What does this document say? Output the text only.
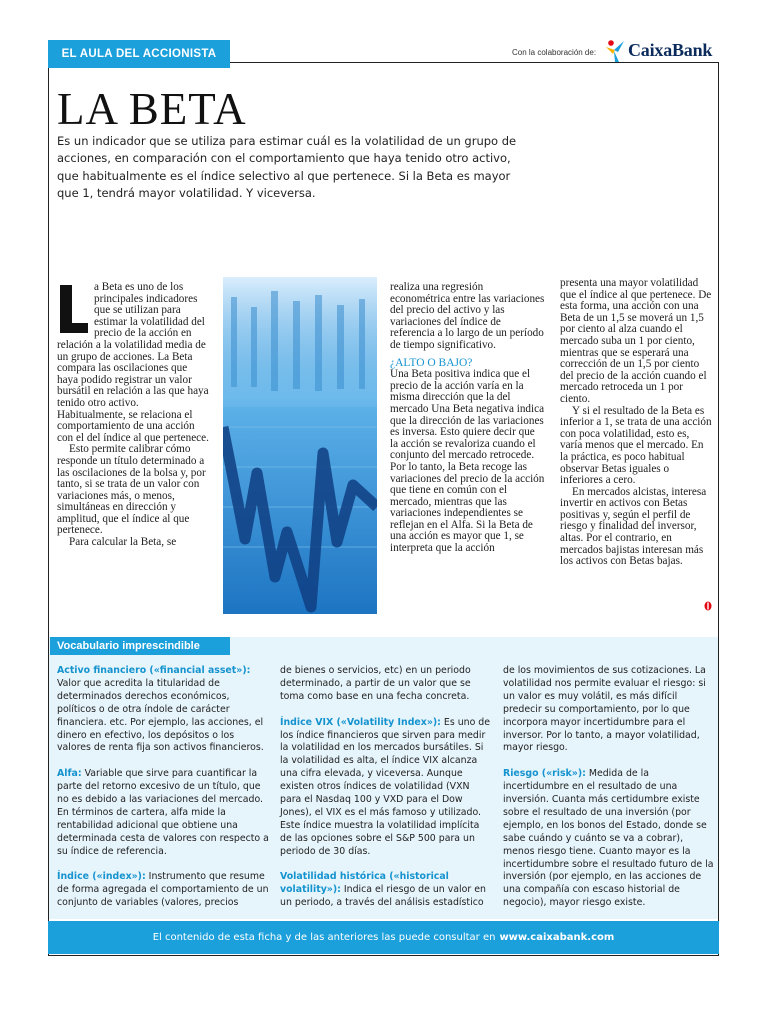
EL AULA DEL ACCIONISTA	Con la colaboración de: CaixaBank
LA BETA
Es un indicador que se utiliza para estimar cuál es la volatilidad de un grupo de acciones, en comparación con el comportamiento que haya tenido otro activo, que habitualmente es el índice selectivo al que pertenece. Si la Beta es mayor que 1, tendrá mayor volatilidad. Y viceversa.

a Beta es uno de los principales indicadores que se utilizan para estimar la volatilidad del precio de la acción en relación a la volatilidad media de un grupo de acciones. La Beta compara las oscilaciones que haya podido registrar un valor bursátil en relación a las que haya tenido otro activo. Habitualmente, se relaciona el comportamiento de una acción con el del índice al que pertenece.

Esto permite calibrar cómo responde un título determinado a las oscilaciones de la bolsa y, por tanto, si se trata de un valor con variaciones más, o menos, simultáneas en dirección y amplitud, que el índice al que pertenece.

Para calcular la Beta, se

realiza una regresión econométrica entre las variaciones del precio del activo y las variaciones del índice de referencia a lo largo de un período de tiempo significativo.

¿ALTO O BAJO?

Una Beta positiva indica que el precio de la acción varía en la misma dirección que la del mercado Una Beta negativa indica que la dirección de las variaciones es inversa. Esto quiere decir que la acción se revaloriza cuando el conjunto del mercado retrocede. Por lo tanto, la Beta recoge las variaciones del precio de la acción que tiene en común con el mercado, mientras que las variaciones independientes se reflejan en el Alfa. Si la Beta de una acción es mayor que 1, se interpreta que la acción

presenta una mayor volatilidad que el índice al que pertenece. De esta forma, una acción con una Beta de un 1,5 se moverá un 1,5 por ciento al alza cuando el mercado suba un 1 por ciento, mientras que se esperará una corrección de un 1,5 por ciento del precio de la acción cuando el mercado retroceda un 1 por ciento.

Y si el resultado de la Beta es inferior a 1, se trata de una acción con poca volatilidad, esto es, varía menos que el mercado. En la práctica, es poco habitual observar Betas iguales o inferiores a cero.

En mercados alcistas, interesa invertir en activos con Betas positivas y, según el perfil de riesgo y finalidad del inversor, altas. Por el contrario, en mercados bajistas interesan más los activos con Betas bajas.

Vocabulario imprescindible

Activo financiero («financial asset»): Valor que acredita la titularidad de determinados derechos económicos, políticos o de otra índole de carácter financiera. etc. Por ejemplo, las acciones, el dinero en efectivo, los depósitos o los valores de renta fija son activos financieros.

Alfa: Variable que sirve para cuantificar la parte del retorno excesivo de un título, que no es debido a las variaciones del mercado. En términos de cartera, alfa mide la rentabilidad adicional que obtiene una determinada cesta de valores con respecto a su índice de referencia.

Índice («index»): Instrumento que resume de forma agregada el comportamiento de un conjunto de variables (valores, precios

de bienes o servicios, etc) en un periodo determinado, a partir de un valor que se toma como base en una fecha concreta.

Índice VIX («Volatility Index»): Es uno de los índice financieros que sirven para medir la volatilidad en los mercados bursátiles. Si la volatilidad es alta, el índice VIX alcanza una cifra elevada, y viceversa. Aunque existen otros índices de volatilidad (VXN para el Nasdaq 100 y VXD para el Dow Jones), el VIX es el más famoso y utilizado. Este índice muestra la volatilidad implícita de las opciones sobre el S&P 500 para un periodo de 30 días.

Volatilidad histórica («historical volatility»): Indica el riesgo de un valor en un periodo, a través del análisis estadístico

de los movimientos de sus cotizaciones. La volatilidad nos permite evaluar el riesgo: si un valor es muy volátil, es más difícil predecir su comportamiento, por lo que incorpora mayor incertidumbre para el inversor. Por lo tanto, a mayor volatilidad, mayor riesgo.

Riesgo («risk»): Medida de la incertidumbre en el resultado de una inversión. Cuanta más certidumbre existe sobre el resultado de una inversión (por ejemplo, en los bonos del Estado, donde se sabe cuándo y cuánto se va a cobrar), menos riesgo tiene. Cuanto mayor es la incertidumbre sobre el resultado futuro de la inversión (por ejemplo, en las acciones de una compañía con escaso historial de negocio), mayor riesgo existe.

El contenido de esta ficha y de las anteriores las puede consultar en www.caixabank.com
